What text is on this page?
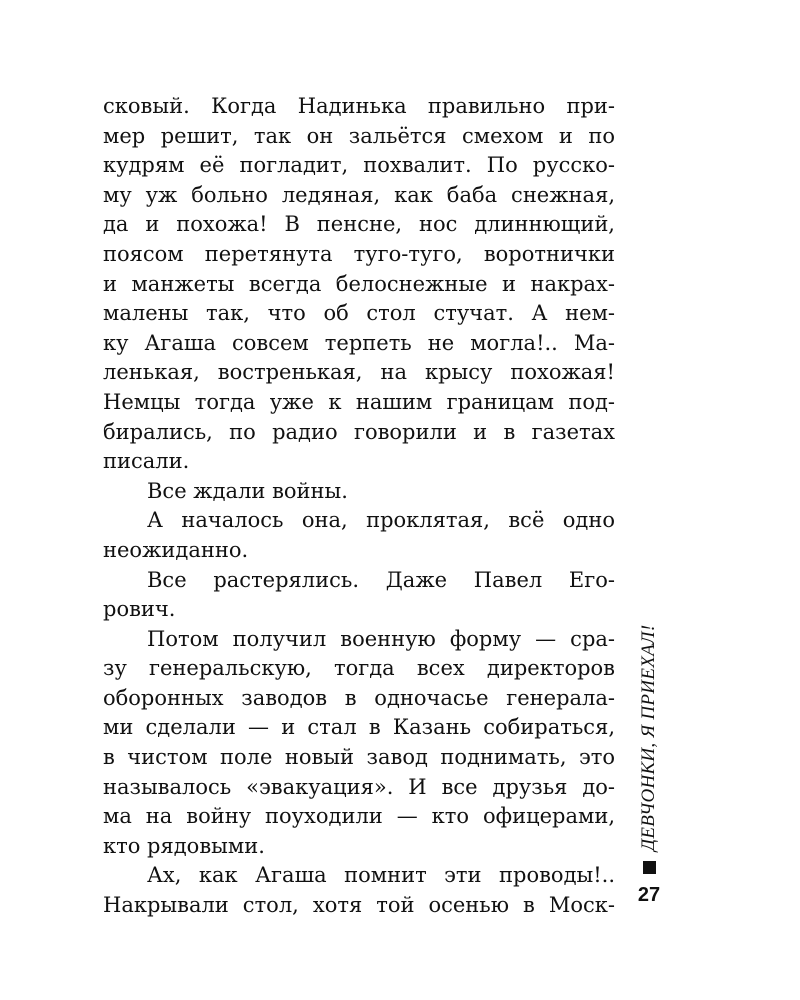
сковый. Когда Надинька правильно при-
мер решит, так он зальётся смехом и по
кудрям её погладит, похвалит. По русско-
му уж больно ледяная, как баба снежная,
да и похожа! В пенсне, нос длиннющий,
поясом перетянута туго-туго, воротнички
и манжеты всегда белоснежные и накрах-
малены так, что об стол стучат. А нем-
ку Агаша совсем терпеть не могла!.. Ма-
ленькая, востренькая, на крысу похожая!
Немцы тогда уже к нашим границам под-
бирались, по радио говорили и в газетах
писали.
Все ждали войны.
А началось она, проклятая, всё одно
неожиданно.
Все растерялись. Даже Павел Его-
рович.
Потом получил военную форму — сра-
зу генеральскую, тогда всех директоров
оборонных заводов в одночасье генерала-
ми сделали — и стал в Казань собираться,
в чистом поле новый завод поднимать, это
называлось «эвакуация». И все друзья до-
ма на войну поуходили — кто офицерами,
кто рядовыми.
Ах, как Агаша помнит эти проводы!..
Накрывали стол, хотя той осенью в Моск-
ДЕВЧОНКИ, Я ПРИЕХАЛ!
27
